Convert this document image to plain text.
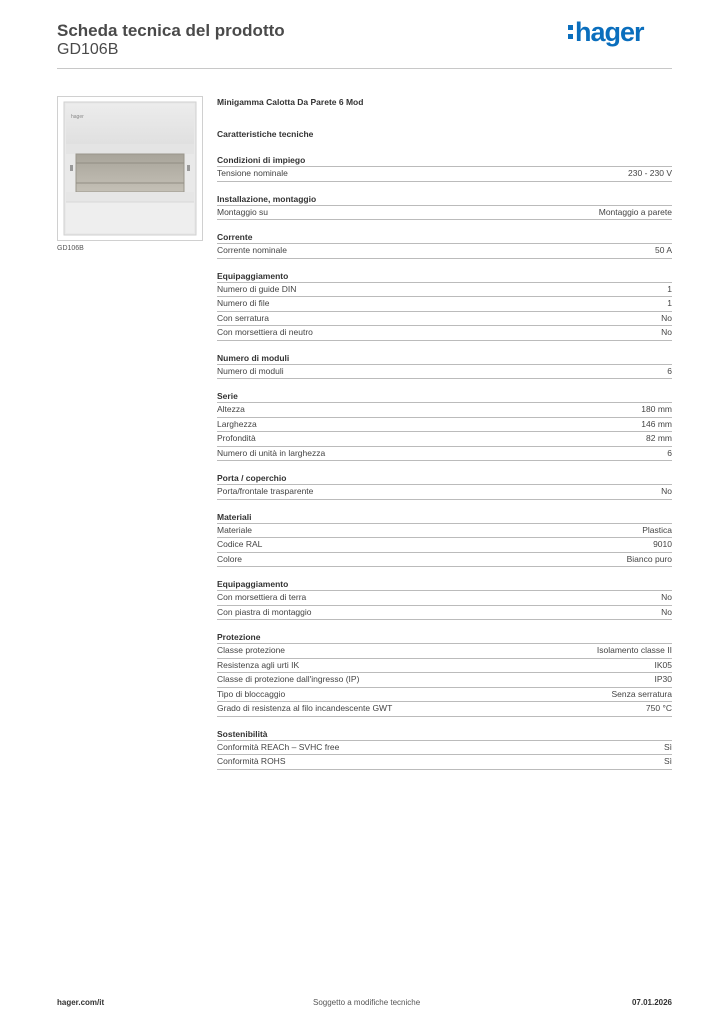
Scheda tecnica del prodotto
GD106B
hager
hager
GD106B
Minigamma Calotta Da Parete 6 Mod
Caratteristiche tecniche
Condizioni di impiego
Tensione nominale	230 - 230 V
Installazione, montaggio
Montaggio su	Montaggio a parete
Corrente
Corrente nominale	50 A
Equipaggiamento
Numero di guide DIN	1
Numero di file	1
Con serratura	No
Con morsettiera di neutro	No
Numero di moduli
Numero di moduli	6
Serie
Altezza	180 mm
Larghezza	146 mm
Profondità	82 mm
Numero di unità in larghezza	6
Porta / coperchio
Porta/frontale trasparente	No
Materiali
Materiale	Plastica
Codice RAL	9010
Colore	Bianco puro
Equipaggiamento
Con morsettiera di terra	No
Con piastra di montaggio	No
Protezione
Classe protezione	Isolamento classe II
Resistenza agli urti IK	IK05
Classe di protezione dall'ingresso (IP)	IP30
Tipo di bloccaggio	Senza serratura
Grado di resistenza al filo incandescente GWT	750 °C
Sostenibilità
Conformità REACh – SVHC free	Sì
Conformità ROHS	Sì
hager.com/it	Soggetto a modifiche tecniche	07.01.2026
